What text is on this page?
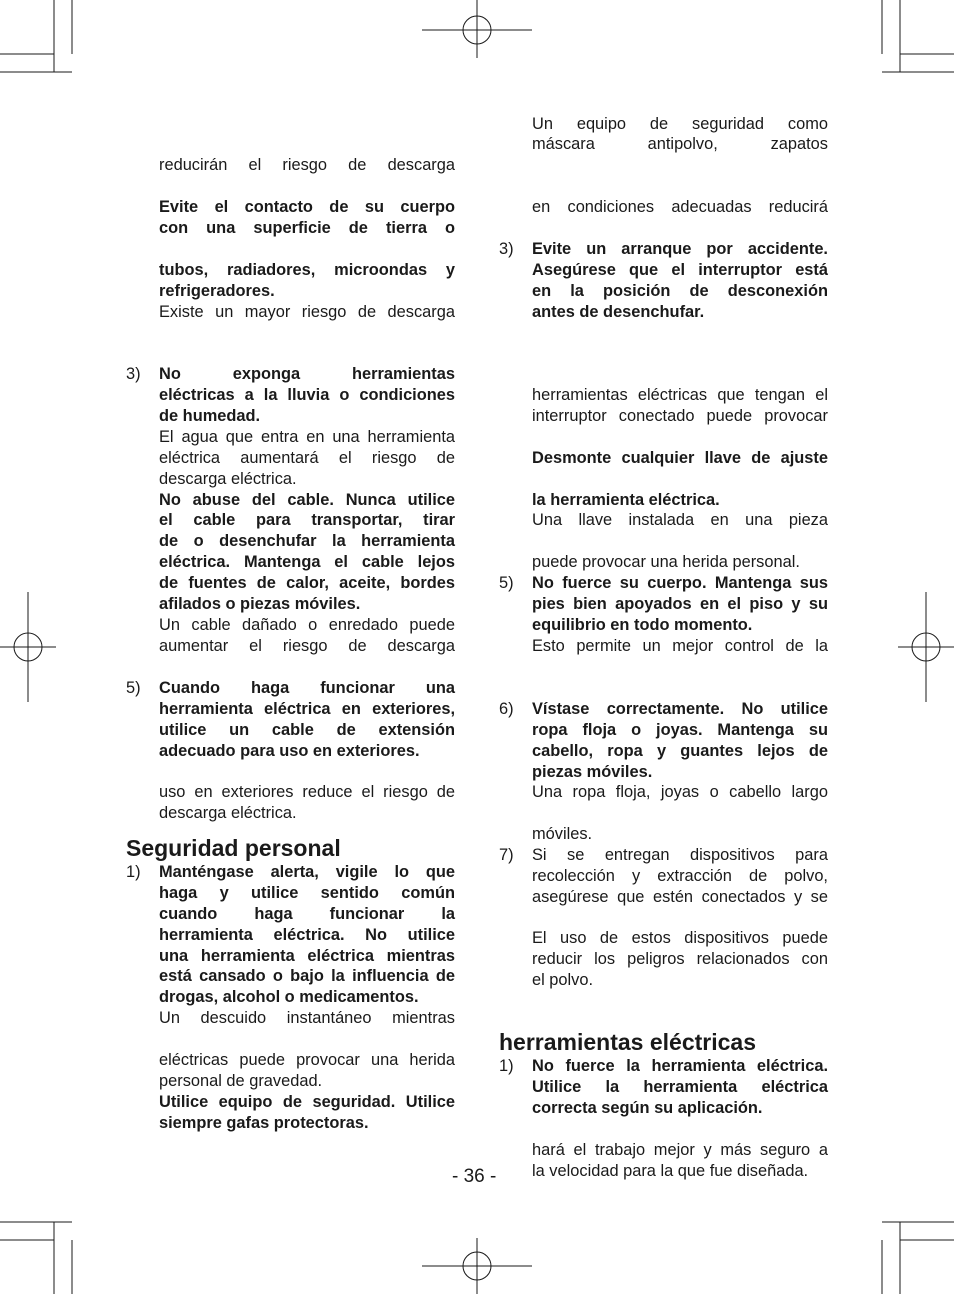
reducirán el riesgo de descarga
Evite el contacto de su cuerpo
con una superficie de tierra o
tubos, radiadores, microondas y
refrigeradores.
Existe un mayor riesgo de descarga
3) No exponga herramientas
eléctricas a la lluvia o condiciones
de humedad.
El agua que entra en una herramienta
eléctrica aumentará el riesgo de
descarga eléctrica.
No abuse del cable. Nunca utilice
el cable para transportar, tirar
de o desenchufar la herramienta
eléctrica. Mantenga el cable lejos
de fuentes de calor, aceite, bordes
afilados o piezas móviles.
Un cable dañado o enredado puede
aumentar el riesgo de descarga
5) Cuando haga funcionar una
herramienta eléctrica en exteriores,
utilice un cable de extensión
adecuado para uso en exteriores.
uso en exteriores reduce el riesgo de
descarga eléctrica.
Seguridad personal
1) Manténgase alerta, vigile lo que
haga y utilice sentido común
cuando haga funcionar la
herramienta eléctrica. No utilice
una herramienta eléctrica mientras
está cansado o bajo la influencia de
drogas, alcohol o medicamentos.
Un descuido instantáneo mientras
eléctricas puede provocar una herida
personal de gravedad.
Utilice equipo de seguridad. Utilice
siempre gafas protectoras.
- 36 -
Un equipo de seguridad como
máscara antipolvo, zapatos
en condiciones adecuadas reducirá
3) Evite un arranque por accidente.
Asegúrese que el interruptor está
en la posición de desconexión
antes de desenchufar.
herramientas eléctricas que tengan el
interruptor conectado puede provocar
Desmonte cualquier llave de ajuste
la herramienta eléctrica.
Una llave instalada en una pieza
puede provocar una herida personal.
5) No fuerce su cuerpo. Mantenga sus
pies bien apoyados en el piso y su
equilibrio en todo momento.
Esto permite un mejor control de la
6) Vístase correctamente. No utilice
ropa floja o joyas. Mantenga su
cabello, ropa y guantes lejos de
piezas móviles.
Una ropa floja, joyas o cabello largo
móviles.
7) Si se entregan dispositivos para
recolección y extracción de polvo,
asegúrese que estén conectados y se
El uso de estos dispositivos puede
reducir los peligros relacionados con
el polvo.
herramientas eléctricas
1) No fuerce la herramienta eléctrica.
Utilice la herramienta eléctrica
correcta según su aplicación.
hará el trabajo mejor y más seguro a
la velocidad para la que fue diseñada.
